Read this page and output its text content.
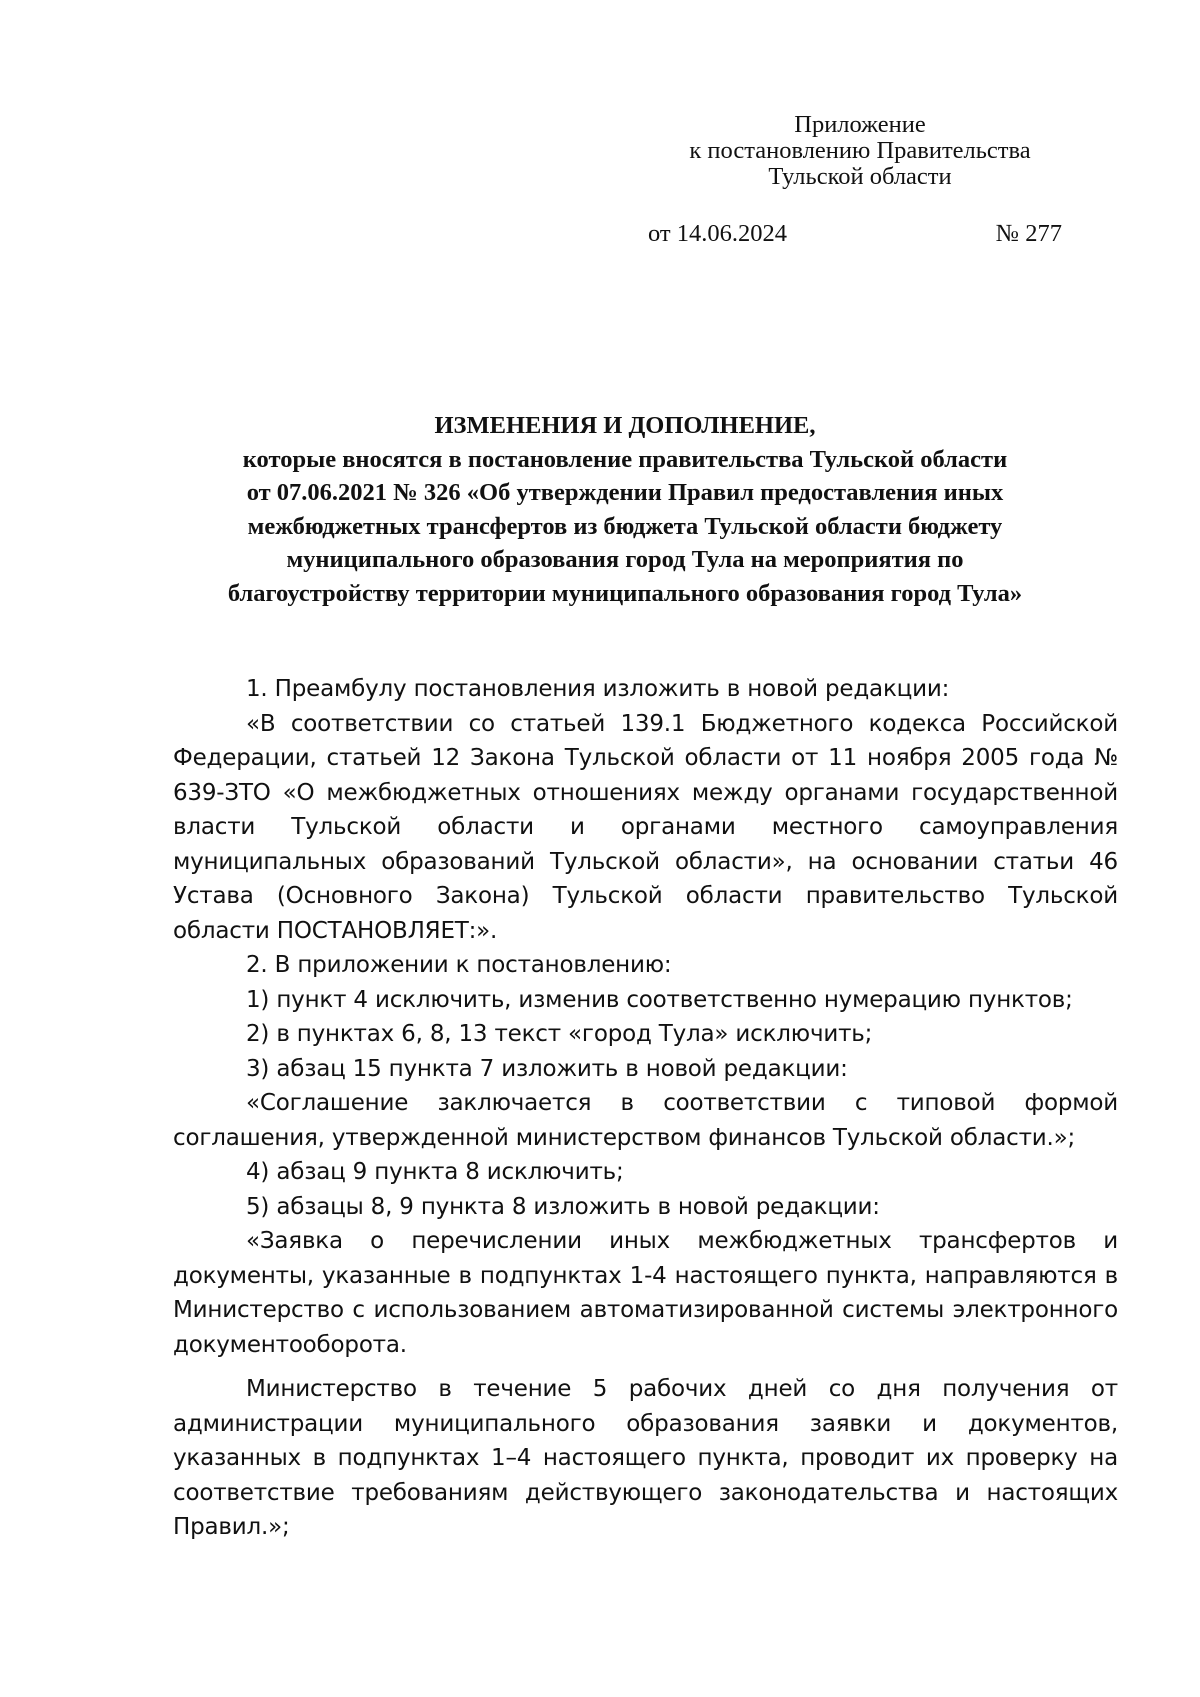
Приложение
к постановлению Правительства
Тульской области
от 14.06.2024	№ 277
ИЗМЕНЕНИЯ И ДОПОЛНЕНИЕ,
которые вносятся в постановление правительства Тульской области
от 07.06.2021 № 326 «Об утверждении Правил предоставления иных
межбюджетных трансфертов из бюджета Тульской области бюджету
муниципального образования город Тула на мероприятия по
благоустройству территории муниципального образования город Тула»

1. Преамбулу постановления изложить в новой редакции:

«В соответствии со статьей 139.1 Бюджетного кодекса Российской Федерации, статьей 12 Закона Тульской области от 11 ноября 2005 года № 639-ЗТО «О межбюджетных отношениях между органами государственной власти Тульской области и органами местного самоуправления муниципальных образований Тульской области», на основании статьи 46 Устава (Основного Закона) Тульской области правительство Тульской области ПОСТАНОВЛЯЕТ:».

2. В приложении к постановлению:

1) пункт 4 исключить, изменив соответственно нумерацию пунктов;

2) в пунктах 6, 8, 13 текст «город Тула» исключить;

3) абзац 15 пункта 7 изложить в новой редакции:

«Соглашение заключается в соответствии с типовой формой соглашения, утвержденной министерством финансов Тульской области.»;

4) абзац 9 пункта 8 исключить;

5) абзацы 8, 9 пункта 8 изложить в новой редакции:

«Заявка о перечислении иных межбюджетных трансфертов и документы, указанные в подпунктах 1-4 настоящего пункта, направляются в Министерство с использованием автоматизированной системы электронного документооборота.

Министерство в течение 5 рабочих дней со дня получения от администрации муниципального образования заявки и документов, указанных в подпунктах 1–4 настоящего пункта, проводит их проверку на соответствие требованиям действующего законодательства и настоящих Правил.»;
